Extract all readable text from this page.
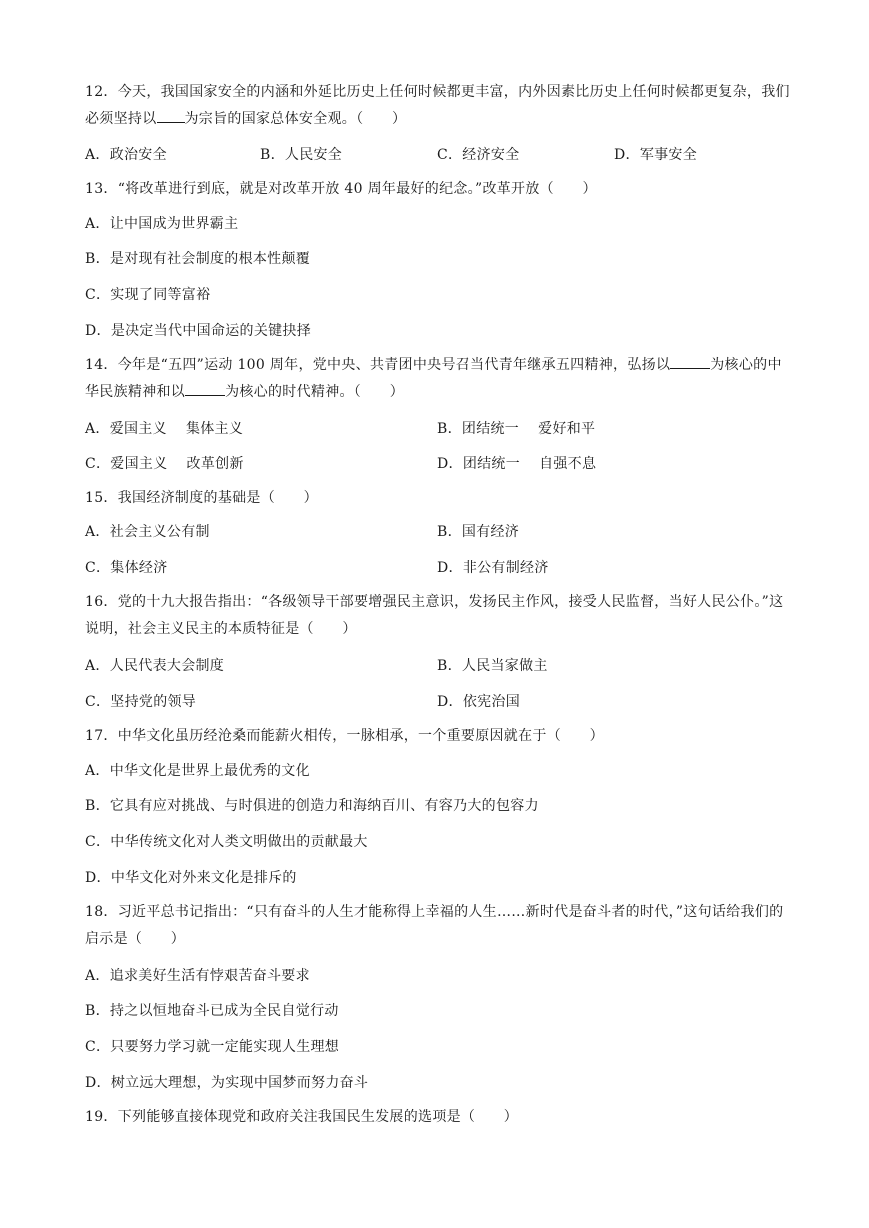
12．今天，我国国家安全的内涵和外延比历史上任何时候都更丰富，内外因素比历史上任何时候都更复杂，我们必须坚持以 为宗旨的国家总体安全观。（　　）
A．政治安全	B．人民安全	C．经济安全	D．军事安全
13．“将改革进行到底，就是对改革开放 40 周年最好的纪念。”改革开放（　　）
A．让中国成为世界霸主
B．是对现有社会制度的根本性颠覆
C．实现了同等富裕
D．是决定当代中国命运的关键抉择
14．今年是“五四”运动 100 周年，党中央、共青团中央号召当代青年继承五四精神，弘扬以	为核心的中华民族精神和以	为核心的时代精神。（　　）
A．爱国主义　 集体主义	B．团结统一　 爱好和平
C．爱国主义　 改革创新	D．团结统一　 自强不息
15．我国经济制度的基础是（　　）
A．社会主义公有制	B．国有经济
C．集体经济	D．非公有制经济
16．党的十九大报告指出：“各级领导干部要增强民主意识，发扬民主作风，接受人民监督，当好人民公仆。”这说明，社会主义民主的本质特征是（　　）
A．人民代表大会制度	B．人民当家做主
C．坚持党的领导	D．依宪治国
17．中华文化虽历经沧桑而能薪火相传，一脉相承，一个重要原因就在于（　　）
A．中华文化是世界上最优秀的文化
B．它具有应对挑战、与时俱进的创造力和海纳百川、有容乃大的包容力
C．中华传统文化对人类文明做出的贡献最大
D．中华文化对外来文化是排斥的
18．习近平总书记指出：“只有奋斗的人生才能称得上幸福的人生……新时代是奋斗者的时代，”这句话给我们的启示是（　　）
A．追求美好生活有悖艰苦奋斗要求
B．持之以恒地奋斗已成为全民自觉行动
C．只要努力学习就一定能实现人生理想
D．树立远大理想，为实现中国梦而努力奋斗
19．下列能够直接体现党和政府关注我国民生发展的选项是（　　）
